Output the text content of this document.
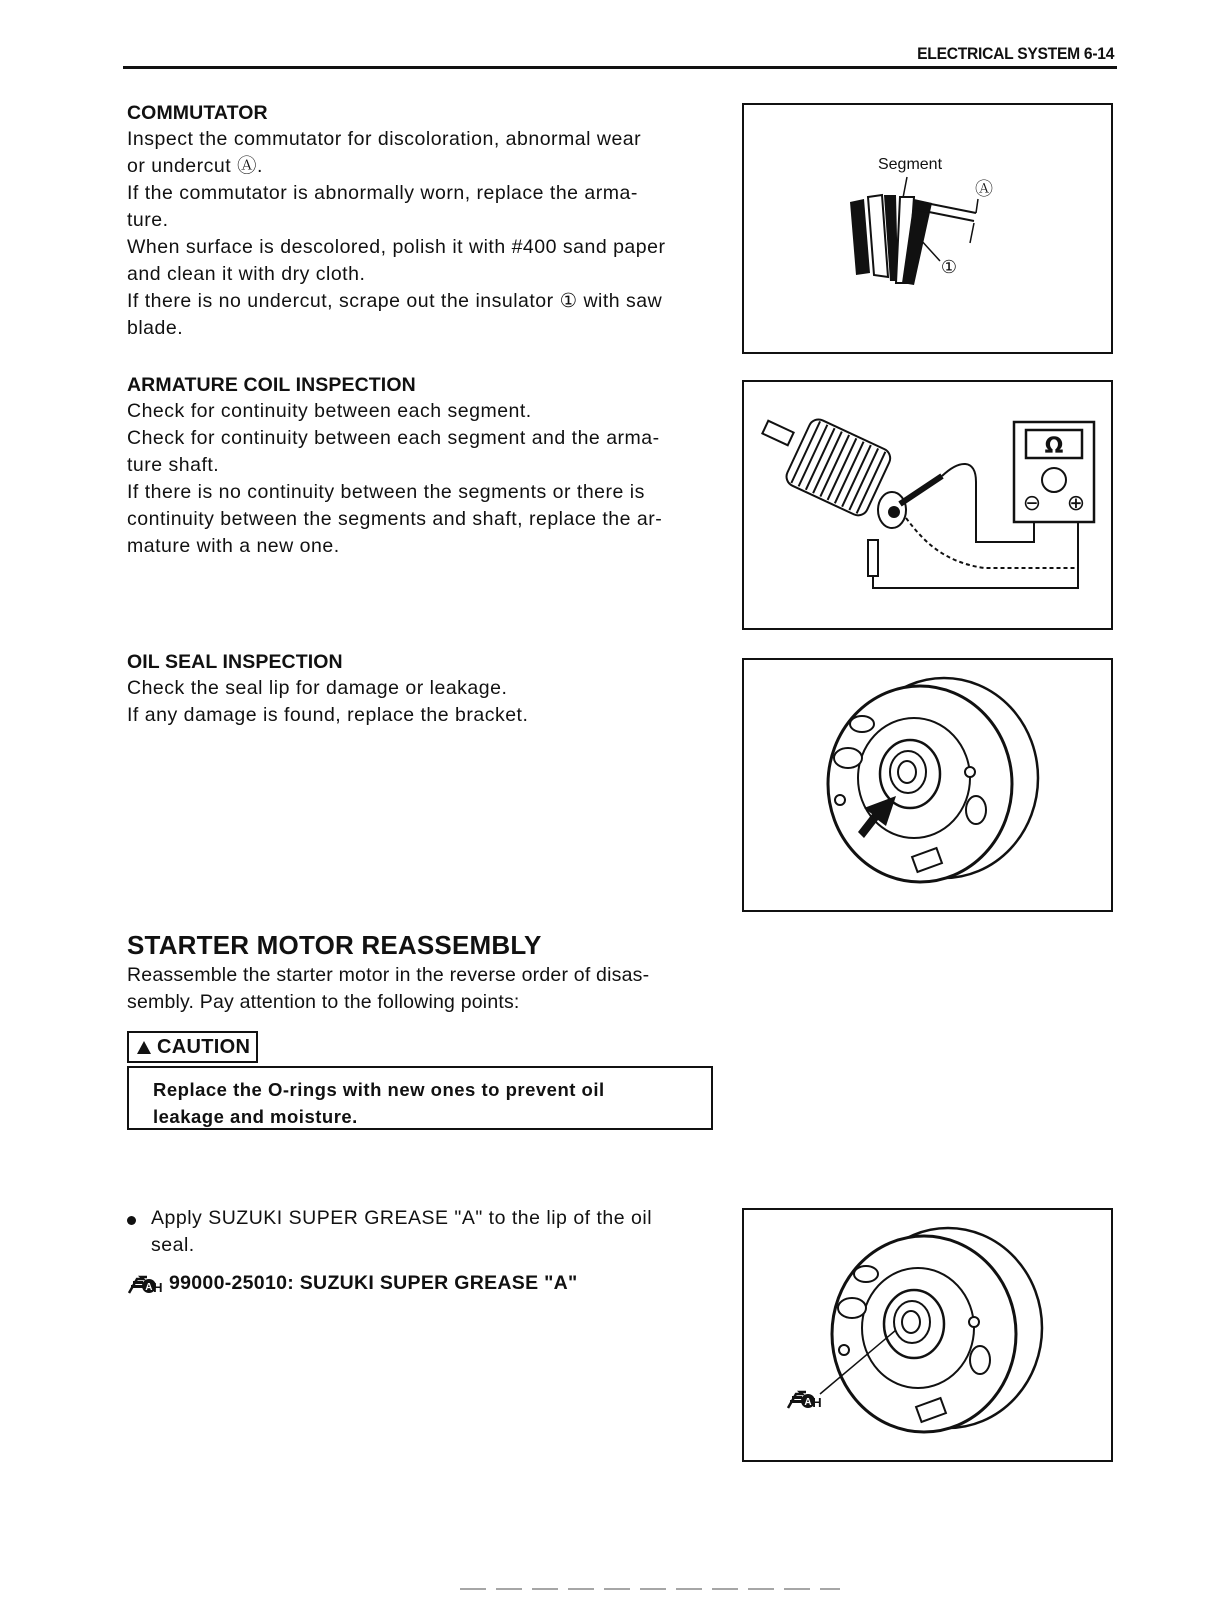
ELECTRICAL SYSTEM 6-14
COMMUTATOR

Inspect the commutator for discoloration, abnormal wear

or undercut Ⓐ.

If the commutator is abnormally worn, replace the arma-

ture.

When surface is descolored, polish it with #400 sand paper

and clean it with dry cloth.

If there is no undercut, scrape out the insulator ① with saw

blade.

ARMATURE COIL INSPECTION

Check for continuity between each segment.

Check for continuity between each segment and the arma-

ture shaft.

If there is no continuity between the segments or there is

continuity between the segments and shaft, replace the ar-

mature with a new one.

OIL SEAL INSPECTION

Check the seal lip for damage or leakage.

If any damage is found, replace the bracket.

STARTER MOTOR REASSEMBLY
Reassemble the starter motor in the reverse order of disas-
sembly. Pay attention to the following points:
CAUTION
Replace the O-rings with new ones to prevent oil
leakage and moisture.
Apply SUZUKI SUPER GREASE "A" to the lip of the oil
seal.
A H 99000-25010: SUZUKI SUPER GREASE "A"
Segment
Ⓐ
①
Ω
⊖ ⊕
A H
